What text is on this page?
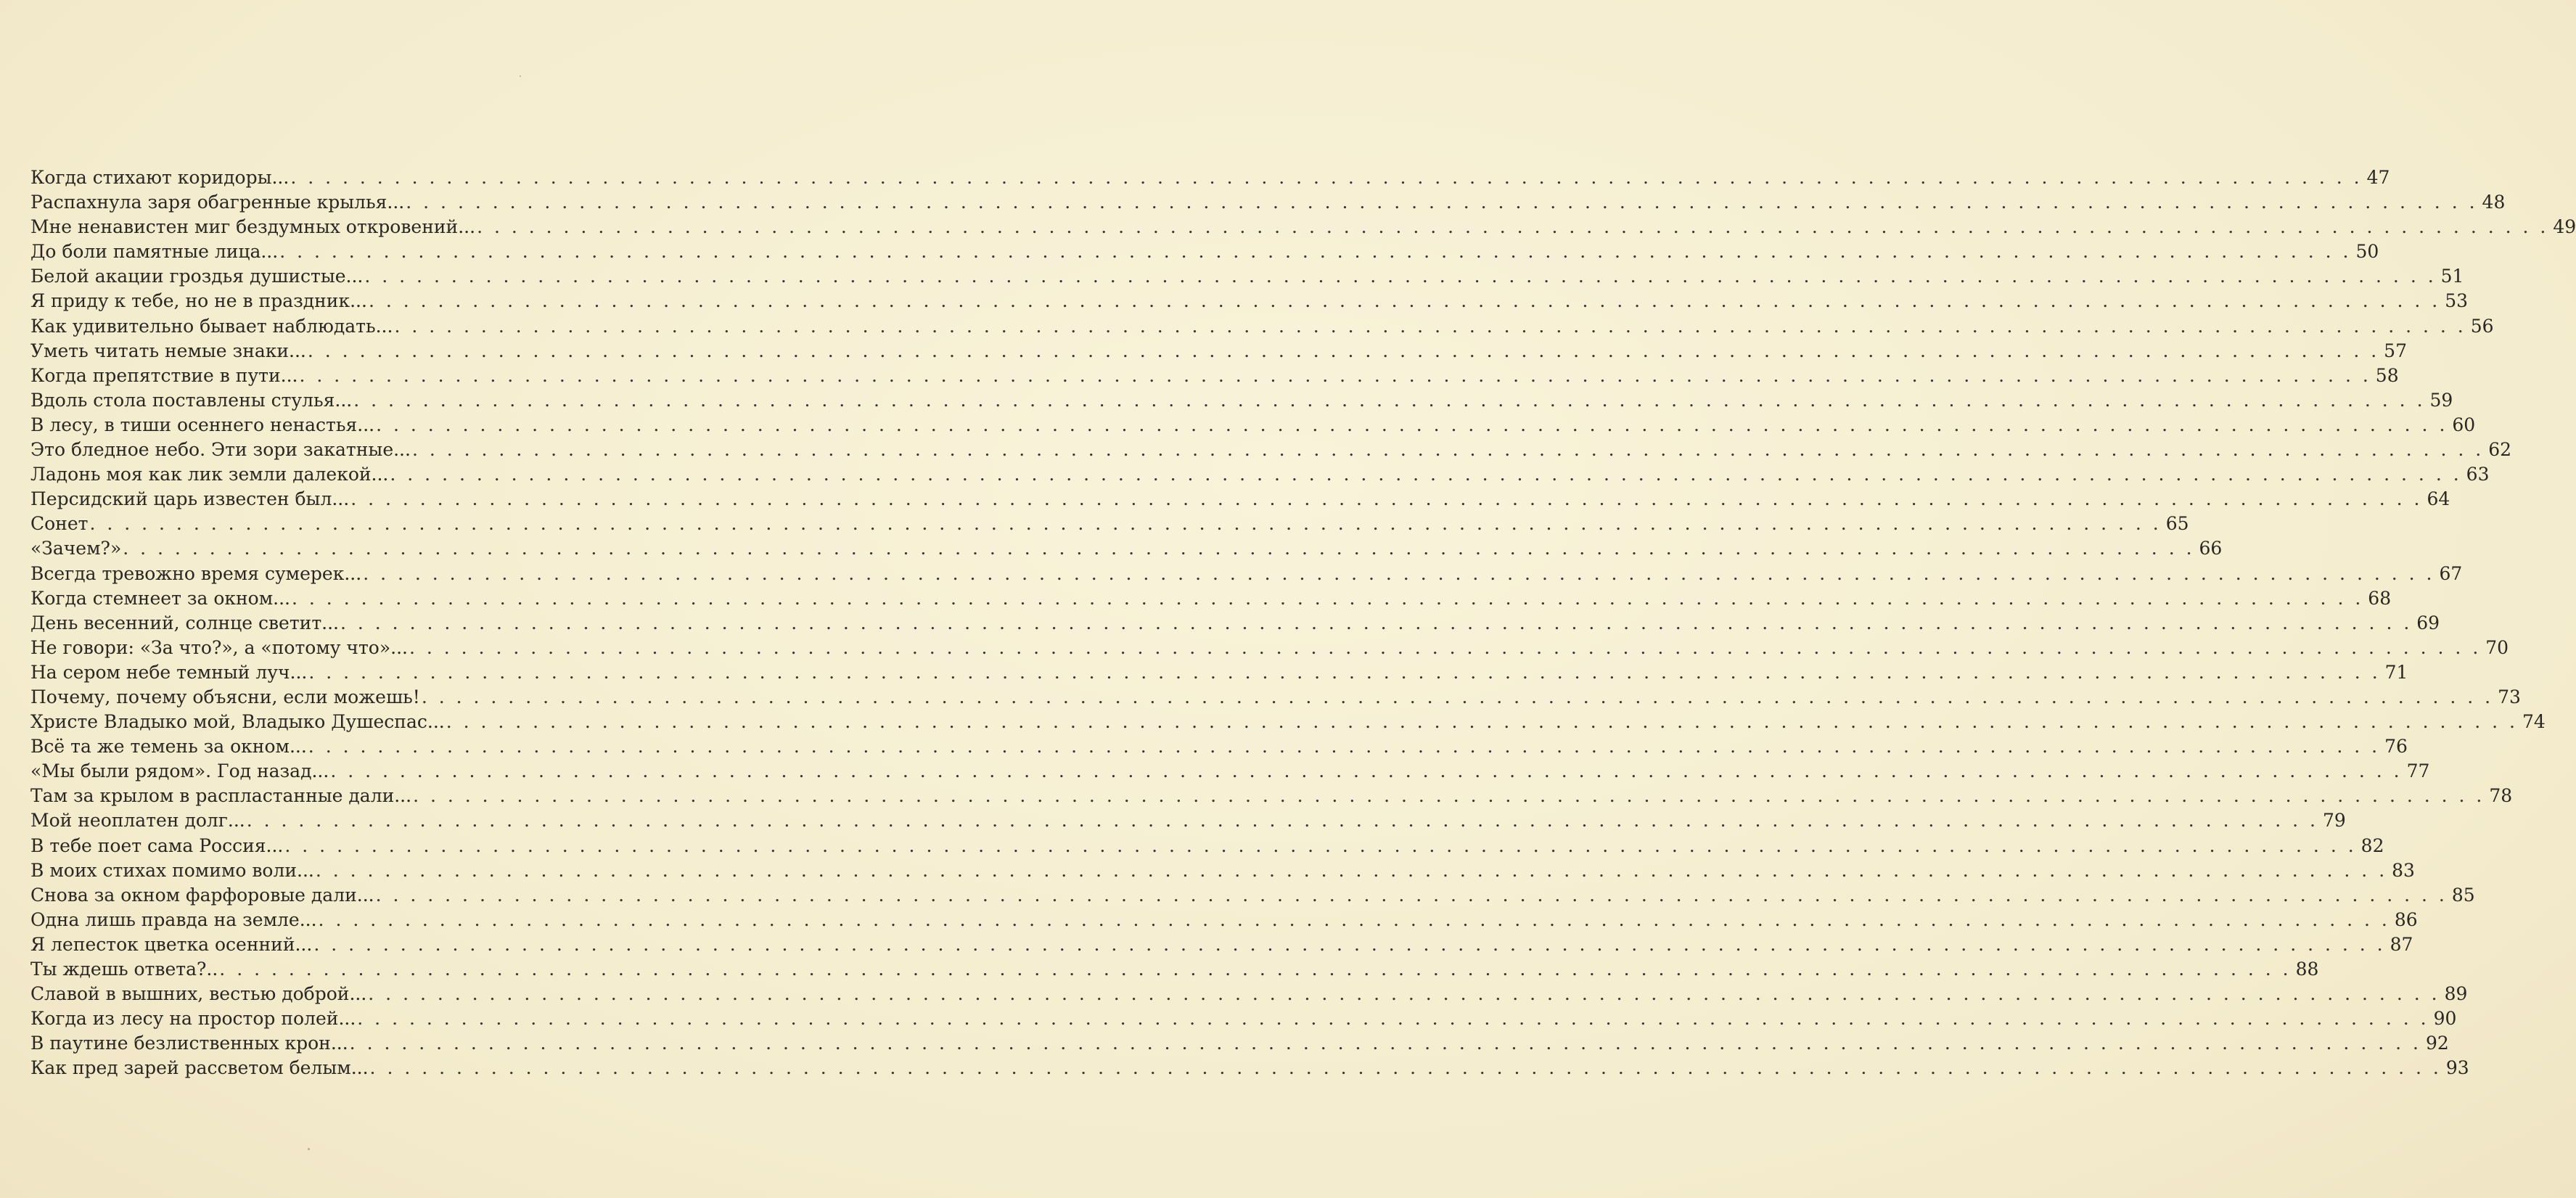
Когда стихают коридоры... . . . . . . . . . . . . . . . . . . . . . . . . . . . . . . . . . . . . . . . . . . . . . . . . . . . . . . . . . . . . . . . . . . . . . . . . . . . . . . . . . . . . . . . . . . . . . . . . . . . . . . . . . . . . . . . . . . . . . . . . 47
Распахнула заря обагренные крылья... . . . . . . . . . . . . . . . . . . . . . . . . . . . . . . . . . . . . . . . . . . . . . . . . . . . . . . . . . . . . . . . . . . . . . . . . . . . . . . . . . . . . . . . . . . . . . . . . . . . . . . . . . . . . . . . . . . . . . . . . 48
Мне ненавистен миг бездумных откровений... . . . . . . . . . . . . . . . . . . . . . . . . . . . . . . . . . . . . . . . . . . . . . . . . . . . . . . . . . . . . . . . . . . . . . . . . . . . . . . . . . . . . . . . . . . . . . . . . . . . . . . . . . . . . . . . . . . . . . . . . 49
До боли памятные лица... . . . . . . . . . . . . . . . . . . . . . . . . . . . . . . . . . . . . . . . . . . . . . . . . . . . . . . . . . . . . . . . . . . . . . . . . . . . . . . . . . . . . . . . . . . . . . . . . . . . . . . . . . . . . . . . . . . . . . . . . 50
Белой акации гроздья душистые... . . . . . . . . . . . . . . . . . . . . . . . . . . . . . . . . . . . . . . . . . . . . . . . . . . . . . . . . . . . . . . . . . . . . . . . . . . . . . . . . . . . . . . . . . . . . . . . . . . . . . . . . . . . . . . . . . . . . . . . . 51
Я приду к тебе, но не в праздник... . . . . . . . . . . . . . . . . . . . . . . . . . . . . . . . . . . . . . . . . . . . . . . . . . . . . . . . . . . . . . . . . . . . . . . . . . . . . . . . . . . . . . . . . . . . . . . . . . . . . . . . . . . . . . . . . . . . . . . . . 53
Как удивительно бывает наблюдать... . . . . . . . . . . . . . . . . . . . . . . . . . . . . . . . . . . . . . . . . . . . . . . . . . . . . . . . . . . . . . . . . . . . . . . . . . . . . . . . . . . . . . . . . . . . . . . . . . . . . . . . . . . . . . . . . . . . . . . . . 56
Уметь читать немые знаки... . . . . . . . . . . . . . . . . . . . . . . . . . . . . . . . . . . . . . . . . . . . . . . . . . . . . . . . . . . . . . . . . . . . . . . . . . . . . . . . . . . . . . . . . . . . . . . . . . . . . . . . . . . . . . . . . . . . . . . . . 57
Когда препятствие в пути... . . . . . . . . . . . . . . . . . . . . . . . . . . . . . . . . . . . . . . . . . . . . . . . . . . . . . . . . . . . . . . . . . . . . . . . . . . . . . . . . . . . . . . . . . . . . . . . . . . . . . . . . . . . . . . . . . . . . . . . . 58
Вдоль стола поставлены стулья... . . . . . . . . . . . . . . . . . . . . . . . . . . . . . . . . . . . . . . . . . . . . . . . . . . . . . . . . . . . . . . . . . . . . . . . . . . . . . . . . . . . . . . . . . . . . . . . . . . . . . . . . . . . . . . . . . . . . . . . . 59
В лесу, в тиши осеннего ненастья... . . . . . . . . . . . . . . . . . . . . . . . . . . . . . . . . . . . . . . . . . . . . . . . . . . . . . . . . . . . . . . . . . . . . . . . . . . . . . . . . . . . . . . . . . . . . . . . . . . . . . . . . . . . . . . . . . . . . . . . . 60
Это бледное небо. Эти зори закатные... . . . . . . . . . . . . . . . . . . . . . . . . . . . . . . . . . . . . . . . . . . . . . . . . . . . . . . . . . . . . . . . . . . . . . . . . . . . . . . . . . . . . . . . . . . . . . . . . . . . . . . . . . . . . . . . . . . . . . . . . 62
Ладонь моя как лик земли далекой... . . . . . . . . . . . . . . . . . . . . . . . . . . . . . . . . . . . . . . . . . . . . . . . . . . . . . . . . . . . . . . . . . . . . . . . . . . . . . . . . . . . . . . . . . . . . . . . . . . . . . . . . . . . . . . . . . . . . . . . . 63
Персидский царь известен был... . . . . . . . . . . . . . . . . . . . . . . . . . . . . . . . . . . . . . . . . . . . . . . . . . . . . . . . . . . . . . . . . . . . . . . . . . . . . . . . . . . . . . . . . . . . . . . . . . . . . . . . . . . . . . . . . . . . . . . . . 64
Сонет . . . . . . . . . . . . . . . . . . . . . . . . . . . . . . . . . . . . . . . . . . . . . . . . . . . . . . . . . . . . . . . . . . . . . . . . . . . . . . . . . . . . . . . . . . . . . . . . . . . . . . . . . . . . . . . . . . . . . . . . 65
«Зачем?» . . . . . . . . . . . . . . . . . . . . . . . . . . . . . . . . . . . . . . . . . . . . . . . . . . . . . . . . . . . . . . . . . . . . . . . . . . . . . . . . . . . . . . . . . . . . . . . . . . . . . . . . . . . . . . . . . . . . . . . . 66
Всегда тревожно время сумерек... . . . . . . . . . . . . . . . . . . . . . . . . . . . . . . . . . . . . . . . . . . . . . . . . . . . . . . . . . . . . . . . . . . . . . . . . . . . . . . . . . . . . . . . . . . . . . . . . . . . . . . . . . . . . . . . . . . . . . . . . 67
Когда стемнеет за окном... . . . . . . . . . . . . . . . . . . . . . . . . . . . . . . . . . . . . . . . . . . . . . . . . . . . . . . . . . . . . . . . . . . . . . . . . . . . . . . . . . . . . . . . . . . . . . . . . . . . . . . . . . . . . . . . . . . . . . . . . 68
День весенний, солнце светит... . . . . . . . . . . . . . . . . . . . . . . . . . . . . . . . . . . . . . . . . . . . . . . . . . . . . . . . . . . . . . . . . . . . . . . . . . . . . . . . . . . . . . . . . . . . . . . . . . . . . . . . . . . . . . . . . . . . . . . . . 69
Не говори: «За что?», а «потому что»... . . . . . . . . . . . . . . . . . . . . . . . . . . . . . . . . . . . . . . . . . . . . . . . . . . . . . . . . . . . . . . . . . . . . . . . . . . . . . . . . . . . . . . . . . . . . . . . . . . . . . . . . . . . . . . . . . . . . . . . . 70
На сером небе темный луч... . . . . . . . . . . . . . . . . . . . . . . . . . . . . . . . . . . . . . . . . . . . . . . . . . . . . . . . . . . . . . . . . . . . . . . . . . . . . . . . . . . . . . . . . . . . . . . . . . . . . . . . . . . . . . . . . . . . . . . . . 71
Почему, почему объясни, если можешь! . . . . . . . . . . . . . . . . . . . . . . . . . . . . . . . . . . . . . . . . . . . . . . . . . . . . . . . . . . . . . . . . . . . . . . . . . . . . . . . . . . . . . . . . . . . . . . . . . . . . . . . . . . . . . . . . . . . . . . . . 73
Христе Владыко мой, Владыко Душеспас... . . . . . . . . . . . . . . . . . . . . . . . . . . . . . . . . . . . . . . . . . . . . . . . . . . . . . . . . . . . . . . . . . . . . . . . . . . . . . . . . . . . . . . . . . . . . . . . . . . . . . . . . . . . . . . . . . . . . . . . . 74
Всё та же темень за окном... . . . . . . . . . . . . . . . . . . . . . . . . . . . . . . . . . . . . . . . . . . . . . . . . . . . . . . . . . . . . . . . . . . . . . . . . . . . . . . . . . . . . . . . . . . . . . . . . . . . . . . . . . . . . . . . . . . . . . . . . 76
«Мы были рядом». Год назад... . . . . . . . . . . . . . . . . . . . . . . . . . . . . . . . . . . . . . . . . . . . . . . . . . . . . . . . . . . . . . . . . . . . . . . . . . . . . . . . . . . . . . . . . . . . . . . . . . . . . . . . . . . . . . . . . . . . . . . . . 77
Там за крылом в распластанные дали... . . . . . . . . . . . . . . . . . . . . . . . . . . . . . . . . . . . . . . . . . . . . . . . . . . . . . . . . . . . . . . . . . . . . . . . . . . . . . . . . . . . . . . . . . . . . . . . . . . . . . . . . . . . . . . . . . . . . . . . . 78
Мой неоплатен долг... . . . . . . . . . . . . . . . . . . . . . . . . . . . . . . . . . . . . . . . . . . . . . . . . . . . . . . . . . . . . . . . . . . . . . . . . . . . . . . . . . . . . . . . . . . . . . . . . . . . . . . . . . . . . . . . . . . . . . . . . 79
В тебе поет сама Россия... . . . . . . . . . . . . . . . . . . . . . . . . . . . . . . . . . . . . . . . . . . . . . . . . . . . . . . . . . . . . . . . . . . . . . . . . . . . . . . . . . . . . . . . . . . . . . . . . . . . . . . . . . . . . . . . . . . . . . . . . 82
В моих стихах помимо воли... . . . . . . . . . . . . . . . . . . . . . . . . . . . . . . . . . . . . . . . . . . . . . . . . . . . . . . . . . . . . . . . . . . . . . . . . . . . . . . . . . . . . . . . . . . . . . . . . . . . . . . . . . . . . . . . . . . . . . . . . 83
Снова за окном фарфоровые дали... . . . . . . . . . . . . . . . . . . . . . . . . . . . . . . . . . . . . . . . . . . . . . . . . . . . . . . . . . . . . . . . . . . . . . . . . . . . . . . . . . . . . . . . . . . . . . . . . . . . . . . . . . . . . . . . . . . . . . . . . 85
Одна лишь правда на земле... . . . . . . . . . . . . . . . . . . . . . . . . . . . . . . . . . . . . . . . . . . . . . . . . . . . . . . . . . . . . . . . . . . . . . . . . . . . . . . . . . . . . . . . . . . . . . . . . . . . . . . . . . . . . . . . . . . . . . . . . 86
Я лепесток цветка осенний... . . . . . . . . . . . . . . . . . . . . . . . . . . . . . . . . . . . . . . . . . . . . . . . . . . . . . . . . . . . . . . . . . . . . . . . . . . . . . . . . . . . . . . . . . . . . . . . . . . . . . . . . . . . . . . . . . . . . . . . . 87
Ты ждешь ответа?.. . . . . . . . . . . . . . . . . . . . . . . . . . . . . . . . . . . . . . . . . . . . . . . . . . . . . . . . . . . . . . . . . . . . . . . . . . . . . . . . . . . . . . . . . . . . . . . . . . . . . . . . . . . . . . . . . . . . . . . . . 88
Славой в вышних, вестью доброй... . . . . . . . . . . . . . . . . . . . . . . . . . . . . . . . . . . . . . . . . . . . . . . . . . . . . . . . . . . . . . . . . . . . . . . . . . . . . . . . . . . . . . . . . . . . . . . . . . . . . . . . . . . . . . . . . . . . . . . . . 89
Когда из лесу на простор полей... . . . . . . . . . . . . . . . . . . . . . . . . . . . . . . . . . . . . . . . . . . . . . . . . . . . . . . . . . . . . . . . . . . . . . . . . . . . . . . . . . . . . . . . . . . . . . . . . . . . . . . . . . . . . . . . . . . . . . . . . 90
В паутине безлиственных крон... . . . . . . . . . . . . . . . . . . . . . . . . . . . . . . . . . . . . . . . . . . . . . . . . . . . . . . . . . . . . . . . . . . . . . . . . . . . . . . . . . . . . . . . . . . . . . . . . . . . . . . . . . . . . . . . . . . . . . . . . 92
Как пред зарей рассветом белым... . . . . . . . . . . . . . . . . . . . . . . . . . . . . . . . . . . . . . . . . . . . . . . . . . . . . . . . . . . . . . . . . . . . . . . . . . . . . . . . . . . . . . . . . . . . . . . . . . . . . . . . . . . . . . . . . . . . . . . . . 93
